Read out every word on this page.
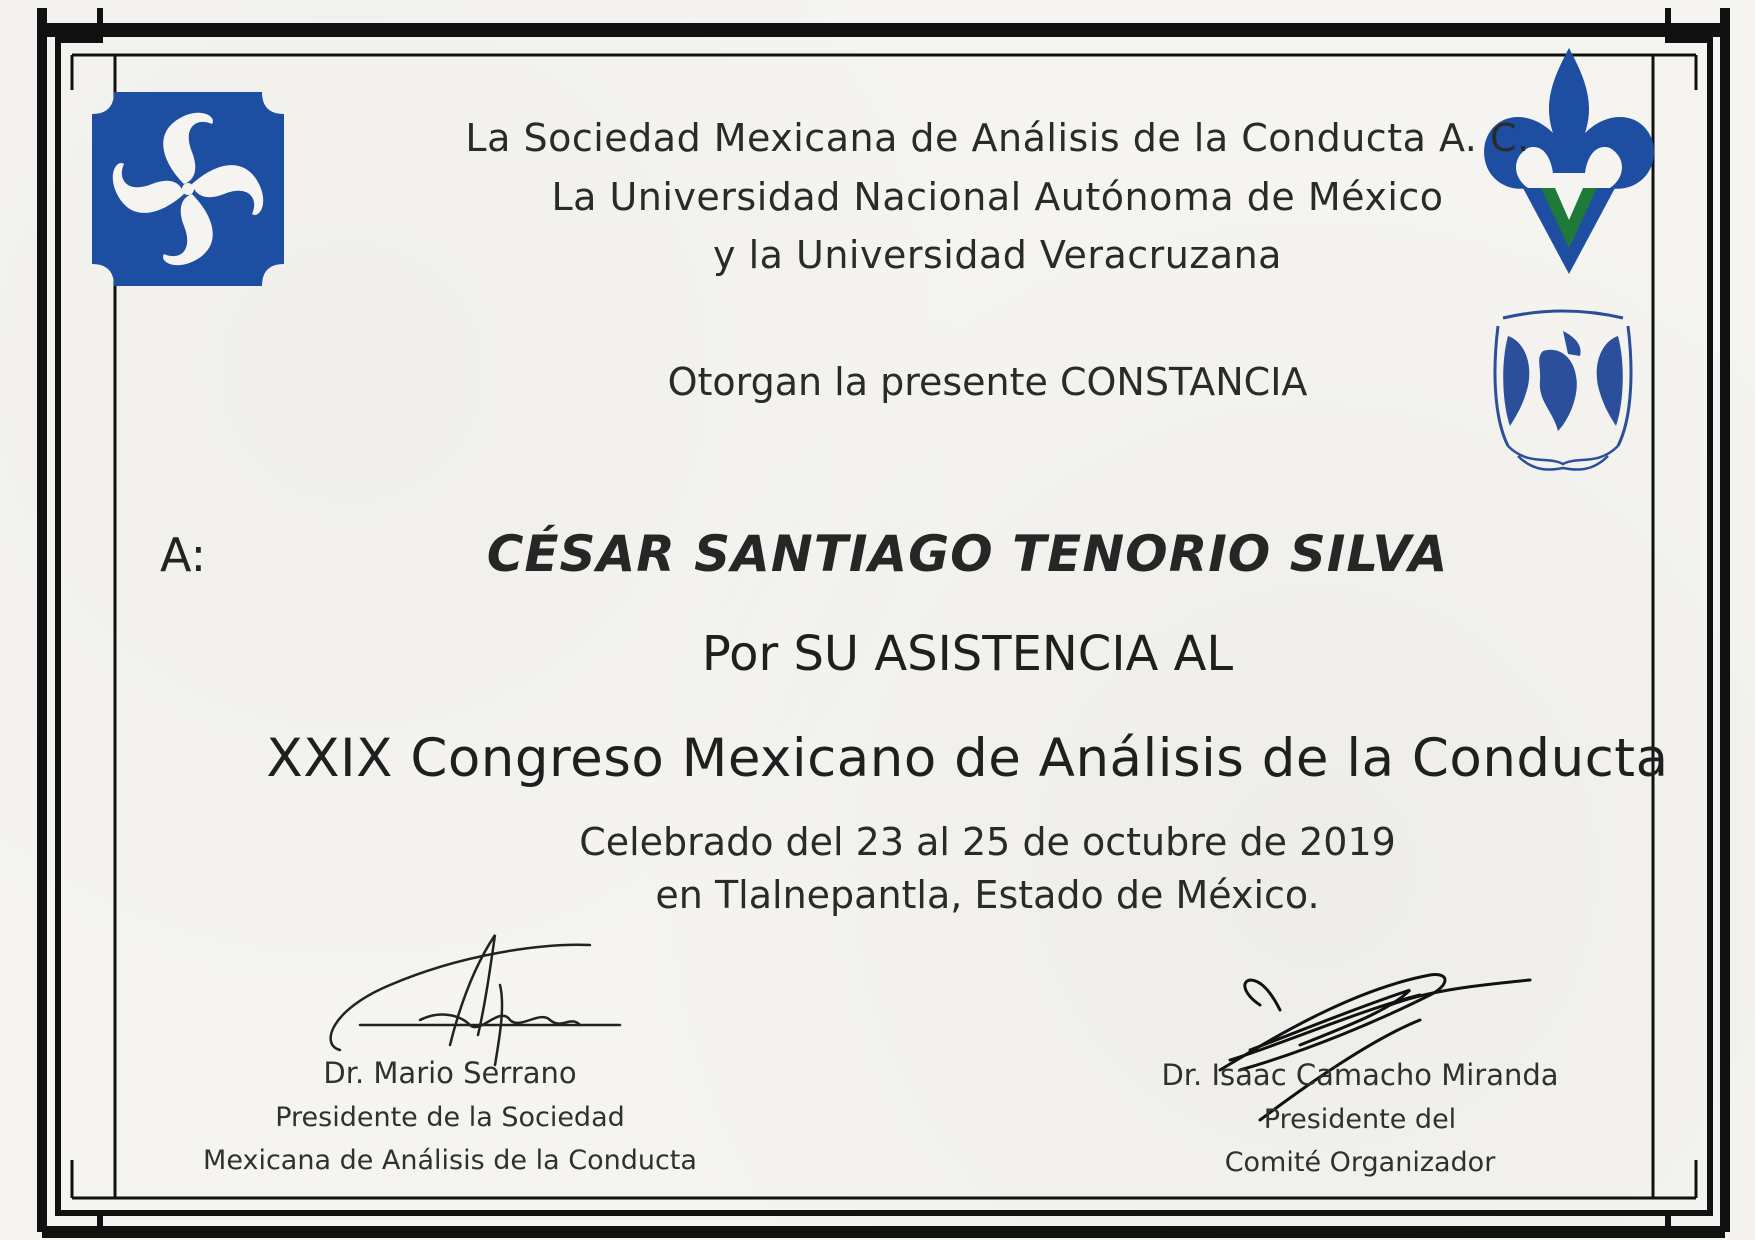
La Sociedad Mexicana de Análisis de la Conducta A. C.
La Universidad Nacional Autónoma de México
y la Universidad Veracruzana
Otorgan la presente CONSTANCIA
A:	CÉSAR SANTIAGO TENORIO SILVA
Por SU ASISTENCIA AL
XXIX Congreso Mexicano de Análisis de la Conducta
Celebrado del 23 al 25 de octubre de 2019
en Tlalnepantla, Estado de México.
Dr. Mario Serrano
Presidente de la Sociedad
Mexicana de Análisis de la Conducta
Dr. Isaac Camacho Miranda
Presidente del
Comité Organizador
